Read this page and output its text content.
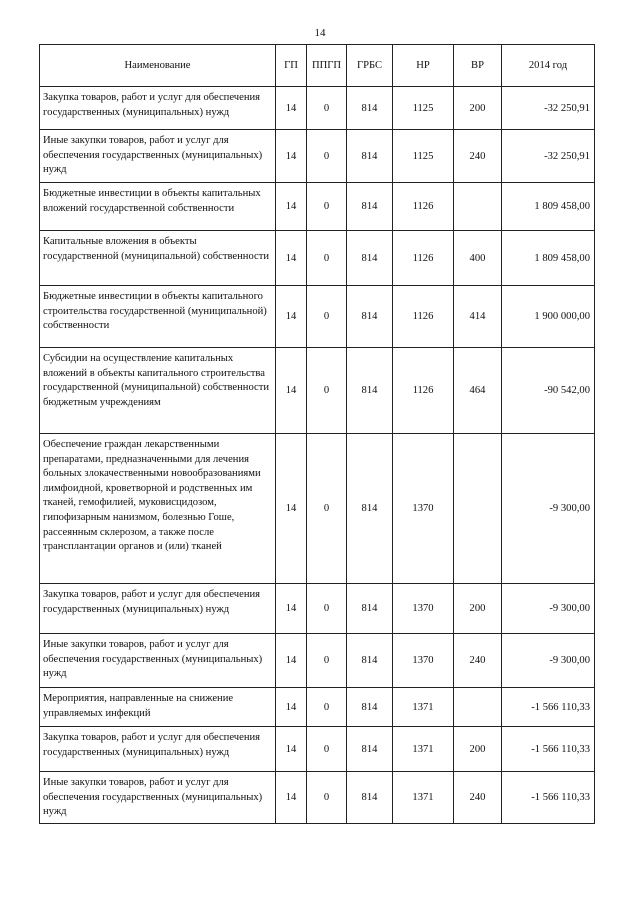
14
Наименование	ГП	ППГП	ГРБС	НР	ВР	2014 год
Закупка товаров, работ и услуг для обеспечения государственных (муниципальных) нужд	14	0	814	1125	200	-32 250,91
Иные закупки товаров, работ и услуг для обеспечения государственных (муниципальных) нужд	14	0	814	1125	240	-32 250,91
Бюджетные инвестиции в объекты капитальных вложений государственной собственности	14	0	814	1126		1 809 458,00
Капитальные вложения в объекты государственной (муниципальной) собственности	14	0	814	1126	400	1 809 458,00
Бюджетные инвестиции в объекты капитального строительства государственной (муниципальной) собственности	14	0	814	1126	414	1 900 000,00
Субсидии на осуществление капитальных вложений в объекты капитального строительства государственной (муниципальной) собственности бюджетным учреждениям	14	0	814	1126	464	-90 542,00
Обеспечение граждан лекарственными препаратами, предназначенными для лечения больных злокачественными новообразованиями лимфоидной, кроветворной и родственных им тканей, гемофилией, муковисцидозом, гипофизарным нанизмом, болезнью Гоше, рассеянным склерозом, а также после трансплантации органов и (или) тканей	14	0	814	1370		-9 300,00
Закупка товаров, работ и услуг для обеспечения государственных (муниципальных) нужд	14	0	814	1370	200	-9 300,00
Иные закупки товаров, работ и услуг для обеспечения государственных (муниципальных) нужд	14	0	814	1370	240	-9 300,00
Мероприятия, направленные на снижение управляемых инфекций	14	0	814	1371		-1 566 110,33
Закупка товаров, работ и услуг для обеспечения государственных (муниципальных) нужд	14	0	814	1371	200	-1 566 110,33
Иные закупки товаров, работ и услуг для обеспечения государственных (муниципальных) нужд	14	0	814	1371	240	-1 566 110,33
